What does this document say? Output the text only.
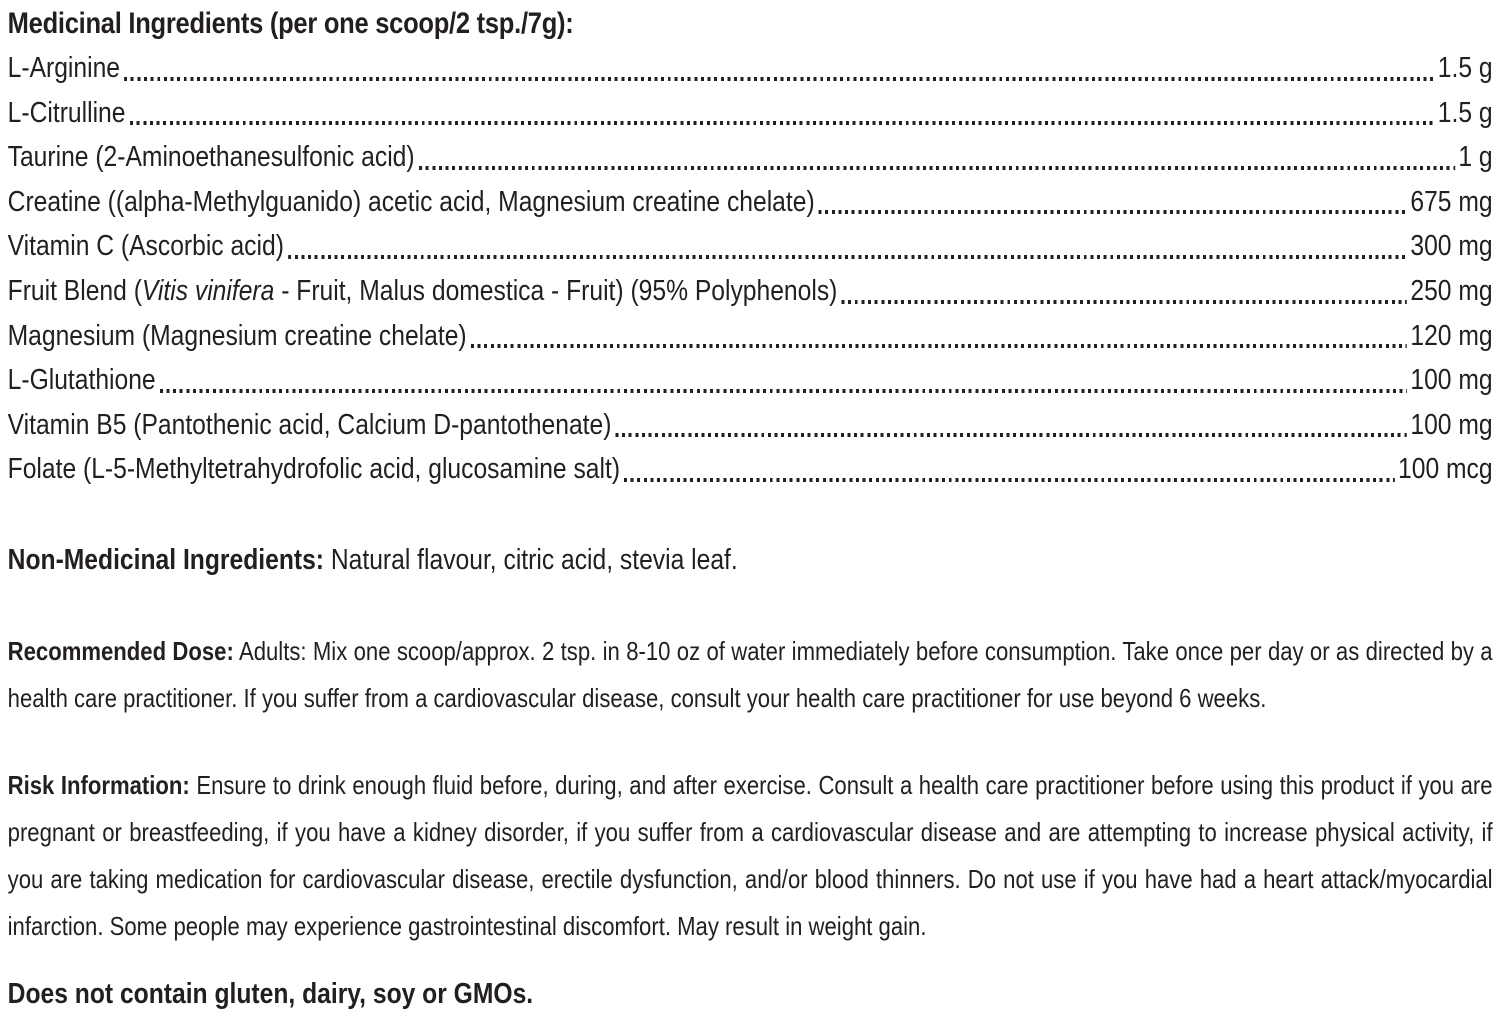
Medicinal Ingredients (per one scoop/2 tsp./7g):
L-Arginine	1.5 g
L-Citrulline	1.5 g
Taurine (2-Aminoethanesulfonic acid)	1 g
Creatine ((alpha-Methylguanido) acetic acid, Magnesium creatine chelate)	675 mg
Vitamin C (Ascorbic acid)	300 mg
Fruit Blend (Vitis vinifera - Fruit, Malus domestica - Fruit) (95% Polyphenols)	250 mg
Magnesium (Magnesium creatine chelate)	120 mg
L-Glutathione	100 mg
Vitamin B5 (Pantothenic acid, Calcium D-pantothenate)	100 mg
Folate (L-5-Methyltetrahydrofolic acid, glucosamine salt)	100 mcg

Non-Medicinal Ingredients: Natural flavour, citric acid, stevia leaf.

Recommended Dose: Adults: Mix one scoop/approx. 2 tsp. in 8-10 oz of water immediately before consumption. Take once per day or as directed by a health care practitioner. If you suffer from a cardiovascular disease, consult your health care practitioner for use beyond 6 weeks.

Risk Information: Ensure to drink enough fluid before, during, and after exercise. Consult a health care practitioner before using this product if you are pregnant or breastfeeding, if you have a kidney disorder, if you suffer from a cardiovascular disease and are attempting to increase physical activity, if you are taking medication for cardiovascular disease, erectile dysfunction, and/or blood thinners. Do not use if you have had a heart attack/myocardial infarction. Some people may experience gastrointestinal discomfort. May result in weight gain.

Does not contain gluten, dairy, soy or GMOs.
